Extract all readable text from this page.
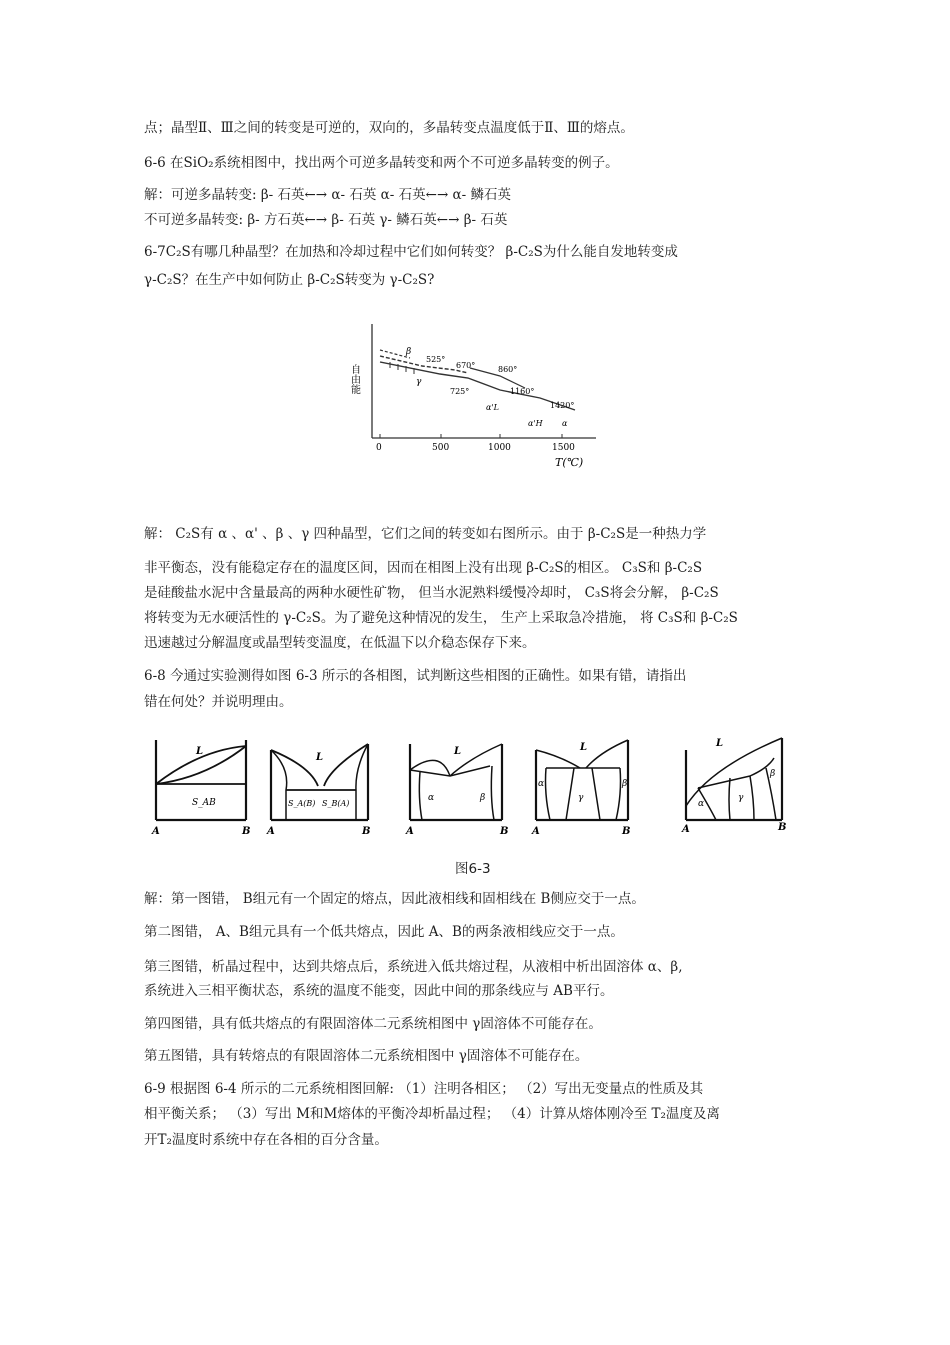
点；晶型Ⅱ、Ⅲ之间的转变是可逆的，双向的，多晶转变点温度低于Ⅱ、Ⅲ的熔点。
6-6 在SiO₂系统相图中，找出两个可逆多晶转变和两个不可逆多晶转变的例子。
解：可逆多晶转变: β- 石英←→ α- 石英 α- 石英←→ α- 鳞石英
不可逆多晶转变: β- 方石英←→ β- 石英 γ- 鳞石英←→ β- 石英
6-7C₂S有哪几种晶型？在加热和冷却过程中它们如何转变？ β-C₂S为什么能自发地转变成
γ-C₂S？在生产中如何防止 β-C₂S转变为 γ-C₂S?
自由能
0	500	1000	1500
T(℃)
525°
670°
725°
860°
1160°
1420°
β
γ
α'L
α'H α
解： C₂S有 α 、α' 、β 、γ 四种晶型，它们之间的转变如右图所示。由于 β-C₂S是一种热力学
非平衡态，没有能稳定存在的温度区间，因而在相图上没有出现 β-C₂S的相区。 C₃S和 β-C₂S
是硅酸盐水泥中含量最高的两种水硬性矿物， 但当水泥熟料缓慢冷却时， C₃S将会分解， β-C₂S
将转变为无水硬活性的 γ-C₂S。为了避免这种情况的发生， 生产上采取急冷措施， 将 C₃S和 β-C₂S
迅速越过分解温度或晶型转变温度，在低温下以介稳态保存下来。
6-8 今通过实验测得如图 6-3 所示的各相图，试判断这些相图的正确性。如果有错，请指出
错在何处？并说明理由。
L
S_AB
A	B
L
S_A(B) S_B(A)
A	B
L
α	β
A	B
L
α
γ
β
A	B
L
α
γ
β
A	B
图6-3
解：第一图错， B组元有一个固定的熔点，因此液相线和固相线在 B侧应交于一点。
第二图错， A、B组元具有一个低共熔点，因此 A、B的两条液相线应交于一点。
第三图错，析晶过程中，达到共熔点后，系统进入低共熔过程，从液相中析出固溶体 α、β,
系统进入三相平衡状态，系统的温度不能变，因此中间的那条线应与 AB平行。
第四图错，具有低共熔点的有限固溶体二元系统相图中 γ固溶体不可能存在。
第五图错，具有转熔点的有限固溶体二元系统相图中 γ固溶体不可能存在。
6-9 根据图 6-4 所示的二元系统相图回解: （1）注明各相区； （2）写出无变量点的性质及其
相平衡关系； （3）写出 M和M熔体的平衡冷却析晶过程； （4）计算从熔体刚冷至 T₂温度及离
开T₂温度时系统中存在各相的百分含量。
